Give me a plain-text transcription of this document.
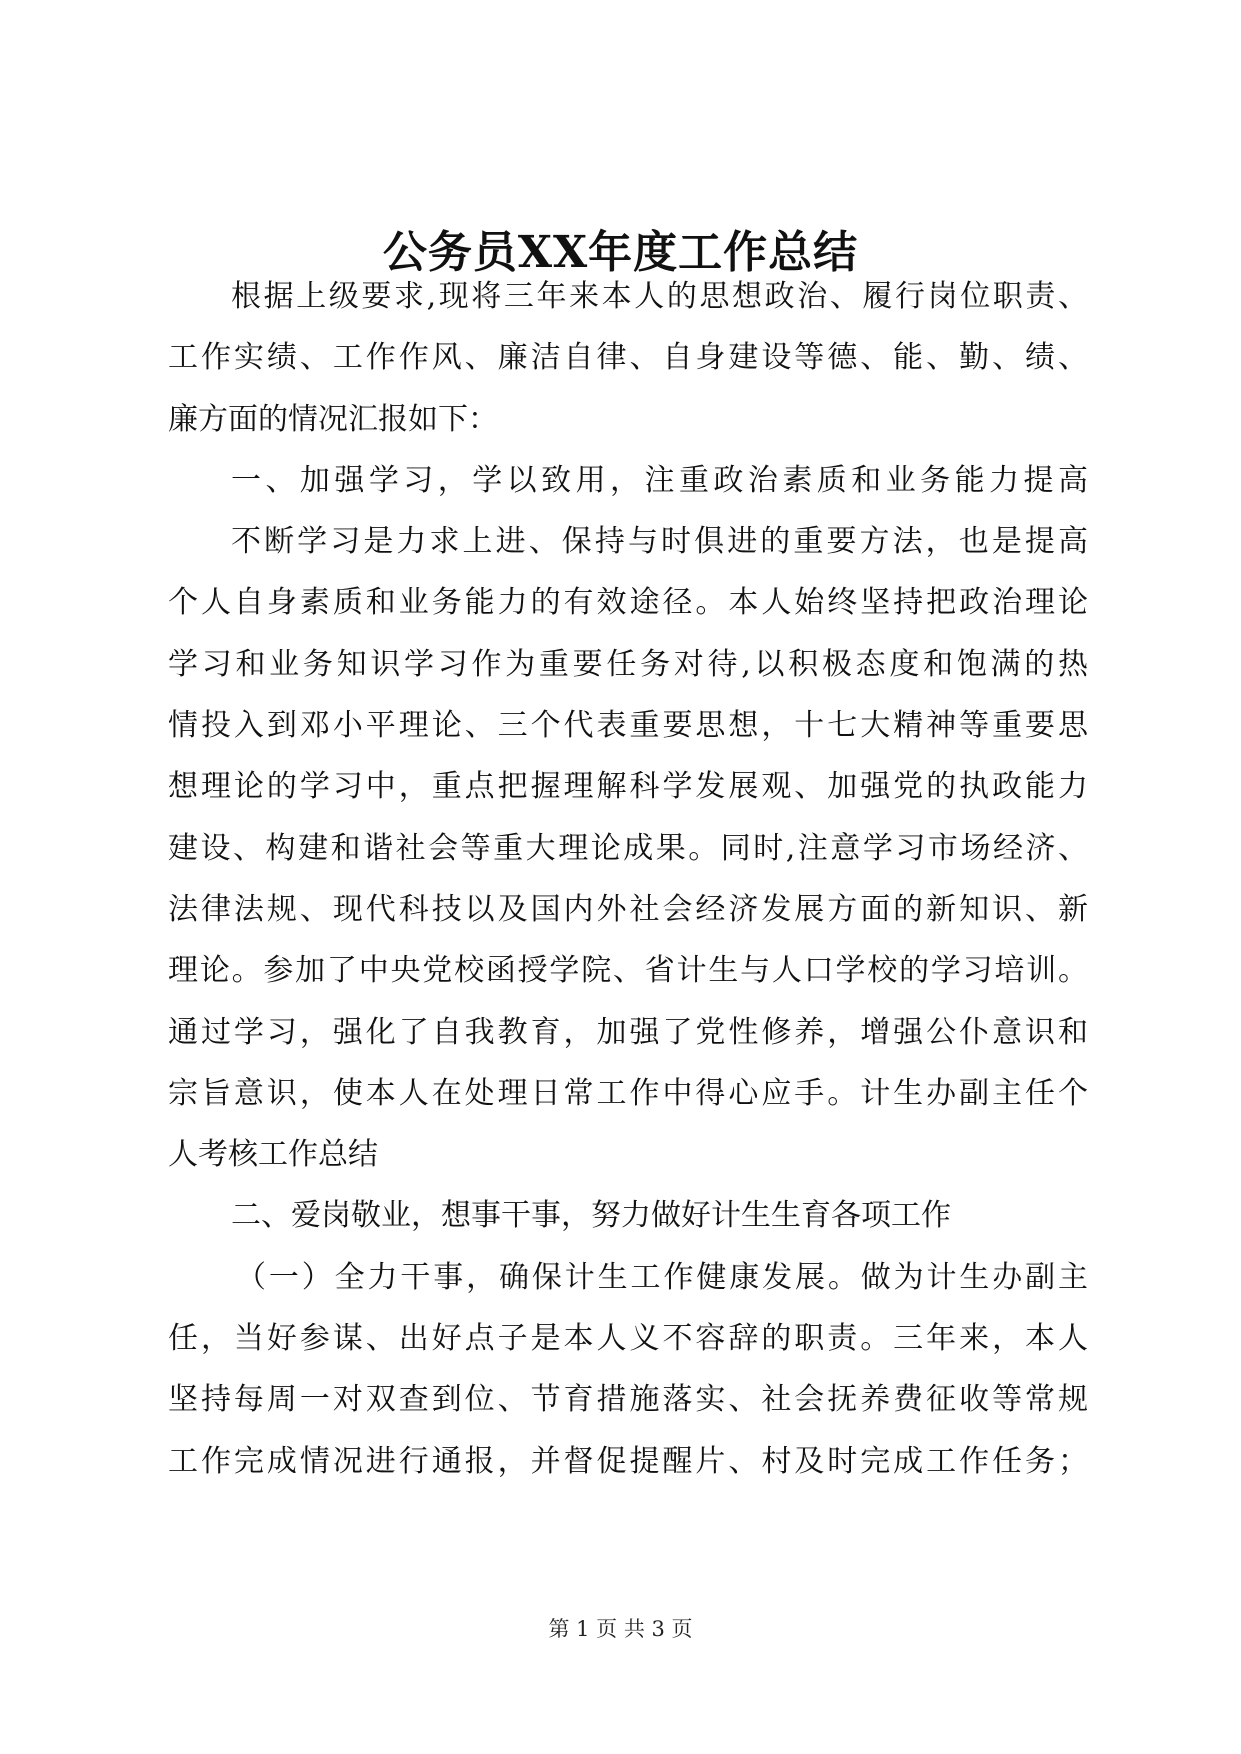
公务员XX年度工作总结
根据上级要求,现将三年来本人的思想政治、履行岗位职责、
工作实绩、工作作风、廉洁自律、自身建设等德、能、勤、绩、
廉方面的情况汇报如下：
一、加强学习，学以致用，注重政治素质和业务能力提高
不断学习是力求上进、保持与时俱进的重要方法，也是提高
个人自身素质和业务能力的有效途径。本人始终坚持把政治理论
学习和业务知识学习作为重要任务对待,以积极态度和饱满的热
情投入到邓小平理论、三个代表重要思想，十七大精神等重要思
想理论的学习中，重点把握理解科学发展观、加强党的执政能力
建设、构建和谐社会等重大理论成果。同时,注意学习市场经济、
法律法规、现代科技以及国内外社会经济发展方面的新知识、新
理论。参加了中央党校函授学院、省计生与人口学校的学习培训。
通过学习，强化了自我教育，加强了党性修养，增强公仆意识和
宗旨意识，使本人在处理日常工作中得心应手。计生办副主任个
人考核工作总结
二、爱岗敬业，想事干事，努力做好计生生育各项工作
（一）全力干事，确保计生工作健康发展。做为计生办副主
任，当好参谋、出好点子是本人义不容辞的职责。三年来，本人
坚持每周一对双查到位、节育措施落实、社会抚养费征收等常规
工作完成情况进行通报，并督促提醒片、村及时完成工作任务；
第 1 页 共 3 页
